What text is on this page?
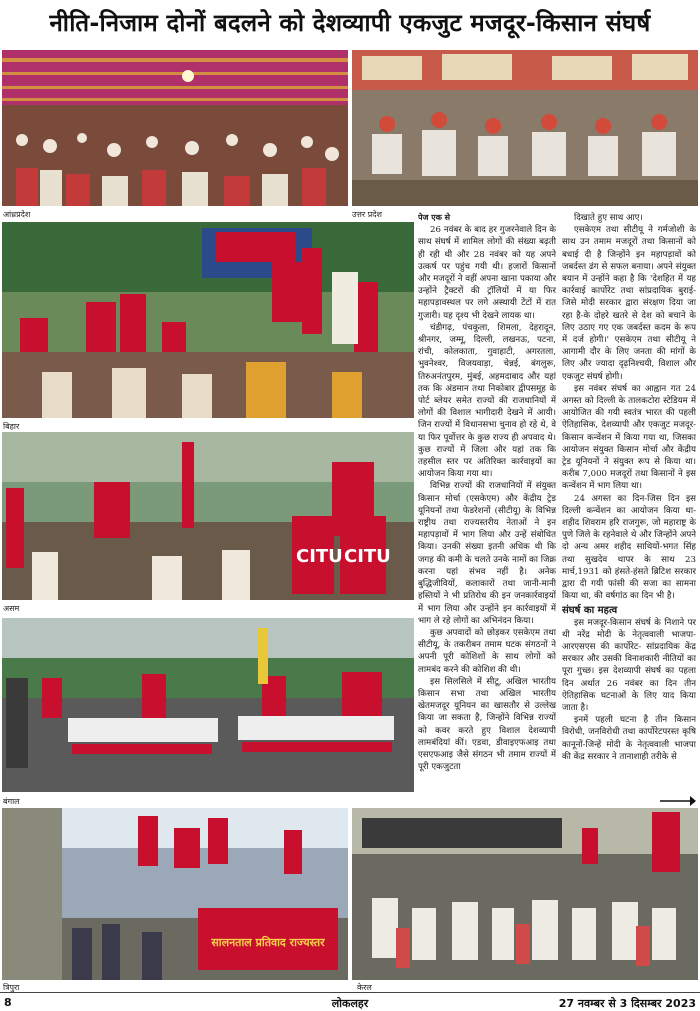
नीति-निजाम दोनों बदलने को देशव्यापी एकजुट मजदूर-किसान संघर्ष
आंध्रप्रदेश	उत्तर प्रदेश
बिहार
CITU CITU
असम
बंगाल
सालनताल प्रतिवाद राज्यस्तर
त्रिपुरा	केरल

पेज एक से

26 नवंबर के बाद हर गुजरनेवाले दिन के साथ संघर्ष में शामिल लोगों की संख्या बढ़ती ही रही थी और 28 नवंबर को यह अपने उत्कर्ष पर पहुंच गयी थी। हजारों किसानों और मजदूरों ने वहीं अपना खाना पकाया और उन्होंने ट्रैक्टरों की ट्रॉलियों में या फिर महापड़ावस्थल पर लगे अस्थायी टेंटों में रात गुजारी। यह दृश्य भी देखने लायक था।

चंडीगढ़, पंचकूला, शिमला, देहरादून, श्रीनगर, जम्मू, दिल्ली, लखनऊ, पटना, रांची, कोलकाता, गुवाहाटी, अगरतला, भुवनेश्वर, विजयवाड़ा, चेन्नई, बंगलुरू, तिरुअनंतपुरम, मुंबई, अहमदाबाद और यहां तक कि अंडमान तथा निकोबार द्वीपसमूह के पोर्ट ब्लेयर समेत राज्यों की राजधानियों में लोगों की विशाल भागीदारी देखने में आयी। जिन राज्यों में विधानसभा चुनाव हो रहे थे, वे या फिर पूर्वोत्तर के कुछ राज्य ही अपवाद थे। कुछ राज्यों में जिला और यहां तक कि तहसील स्तर पर अतिरिक्त कार्रवाइयों का आयोजन किया गया था।

विभिन्न राज्यों की राजधानियों में संयुक्त किसान मोर्चा (एसकेएम) और केंद्रीय ट्रेड यूनियनों तथा फेडरेशनों (सीटीयू) के विभिन्न राष्ट्रीय तथा राज्यस्तरीय नेताओं ने इन महापड़ावों में भाग लिया और उन्हें संबोधित किया। उनकी संख्या इतनी अधिक थी कि जगह की कमी के चलते उनके नामों का जिक्र करना यहां संभव नहीं है। अनेक बुद्धिजीवियों, कलाकारों तथा जानी-मानी हस्तियों ने भी प्रतिरोध की इन जनकार्रवाइयों में भाग लिया और उन्होंने इन कार्रवाइयों में भाग ले रहे लोगों का अभिनंदन किया।

कुछ अपवादों को छोड़कर एसकेएम तथा सीटीयू, के तकरीबन तमाम घटक संगठनों ने अपनी पूरी कोशिशों के साथ लोगों को लामबंद करने की कोशिश की थी।

इस सिलसिले में सीटू, अखिल भारतीय किसान सभा तथा अखिल भारतीय खेतमजदूर यूनियन का खासतौर से उल्लेख किया जा सकता है, जिन्होंने विभिन्न राज्यों को कवर करते हुए विशाल देशव्यापी लामबंदियां कीं। एडवा, डीवाइएफआइ तथा एसएफआइ जैसे संगठन भी तमाम राज्यों में पूरी एकजुटता

दिखाते हुए साथ आए।

एसकेएम तथा सीटीयू ने गर्मजोशी के साथ उन तमाम मजदूरों तथा किसानों को बधाई दी है जिन्होंने इन महापड़ावों को जबर्दस्त ढंग से सफल बनाया। अपने संयुक्त बयान में उन्होंने कहा है कि 'देशहित में यह कार्रवाई कार्पोरेट तथा सांप्रदायिक बुराई-जिसे मोदी सरकार द्वारा संरक्षण दिया जा रहा है-के दोहरे खतरे से देश को बचाने के लिए उठाए गए एक जबर्दस्त कदम के रूप में दर्ज होगी।' एसकेएम तथा सीटीयू ने आगामी दौर के लिए जनता की मांगों के लिए और ज्यादा दृढ़निश्चयी, विशाल और एकजुट संघर्ष होगी।

इस नवंबर संघर्ष का आह्वान गत 24 अगस्त को दिल्ली के तालकटोरा स्टेडियम में आयोजित की गयी स्वतंत्र भारत की पहली ऐतिहासिक, देशव्यापी और एकजुट मजदूर-किसान कन्वेंशन में किया गया था, जिसका आयोजन संयुक्त किसान मोर्चा और केंद्रीय ट्रेड यूनियनों ने संयुक्त रूप से किया था। करीब 7,000 मजदूरों तथा किसानों ने इस कन्वेंशन में भाग लिया था।

24 अगस्त का दिन-जिस दिन इस दिल्ली कन्वेंशन का आयोजन किया था-शहीद शिवराम हरि राजगुरू, जो महाराष्ट्र के पुणे जिले के रहनेवाले थे और जिन्होंने अपने दो अन्य अमर शहीद साथियों-भगत सिंह तथा सुखदेव थापर के साथ 23 मार्च,1931 को हंसते-हंसते ब्रिटिश सरकार द्वारा दी गयी फांसी की सजा का सामना किया था, की वर्षगांठ का दिन भी है।

संघर्ष का महत्व

इस मजदूर-किसान संघर्ष के निशाने पर थी नरेंद्र मोदी के नेतृत्ववाली भाजपा-आरएसएस की कार्पोरेट- सांप्रदायिक केंद्र सरकार और उसकी विनाशकारी नीतियों का पूरा गुच्छ। इस देशव्यापी संघर्ष का पहला दिन अर्थात 26 नवंबर का दिन तीन ऐतिहासिक घटनाओं के लिए याद किया जाता है।

इनमें पहली घटना है तीन किसान विरोधी, जनविरोधी तथा कार्पोरेटपरस्त कृषि कानूनों-जिन्हें मोदी के नेतृत्ववाली भाजपा की केंद्र सरकार ने तानाशाही तरीके से

8	लोकलहर	27 नवम्बर से 3 दिसम्बर 2023
